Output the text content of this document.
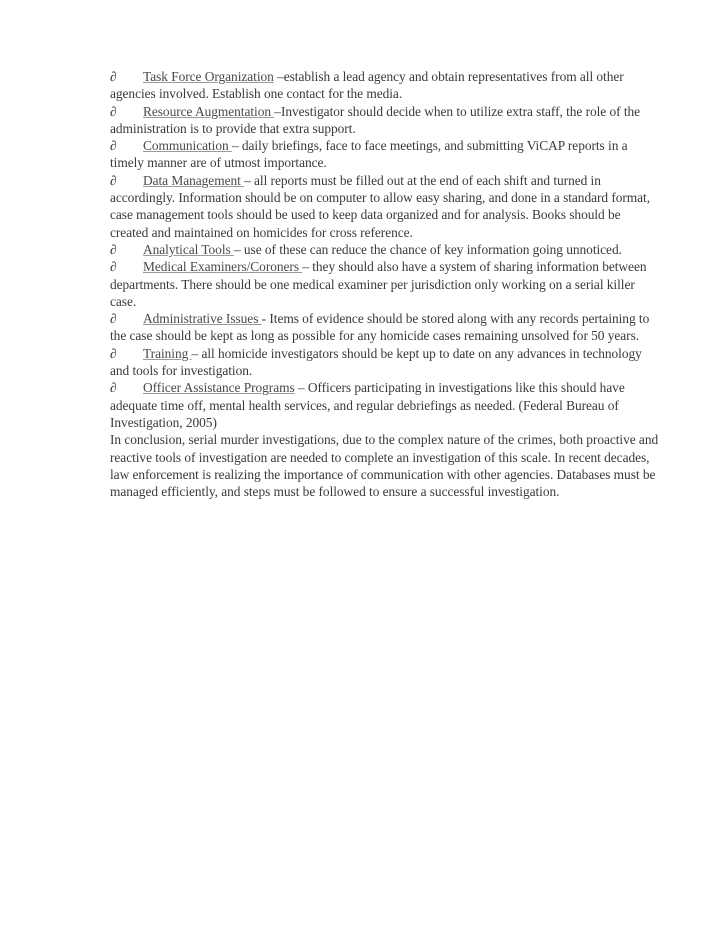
∂ Task Force Organization –establish a lead agency and obtain representatives from all other agencies involved. Establish one contact for the media.

∂ Resource Augmentation –Investigator should decide when to utilize extra staff, the role of the administration is to provide that extra support.

∂ Communication – daily briefings, face to face meetings, and submitting ViCAP reports in a timely manner are of utmost importance.

∂ Data Management – all reports must be filled out at the end of each shift and turned in accordingly. Information should be on computer to allow easy sharing, and done in a standard format, case management tools should be used to keep data organized and for analysis. Books should be created and maintained on homicides for cross reference.

∂ Analytical Tools – use of these can reduce the chance of key information going unnoticed.

∂ Medical Examiners/Coroners – they should also have a system of sharing information between departments. There should be one medical examiner per jurisdiction only working on a serial killer case.

∂ Administrative Issues - Items of evidence should be stored along with any records pertaining to the case should be kept as long as possible for any homicide cases remaining unsolved for 50 years.

∂ Training – all homicide investigators should be kept up to date on any advances in technology and tools for investigation.

∂ Officer Assistance Programs – Officers participating in investigations like this should have adequate time off, mental health services, and regular debriefings as needed. (Federal Bureau of Investigation, 2005)

In conclusion, serial murder investigations, due to the complex nature of the crimes, both proactive and reactive tools of investigation are needed to complete an investigation of this scale. In recent decades, law enforcement is realizing the importance of communication with other agencies. Databases must be managed efficiently, and steps must be followed to ensure a successful investigation.
